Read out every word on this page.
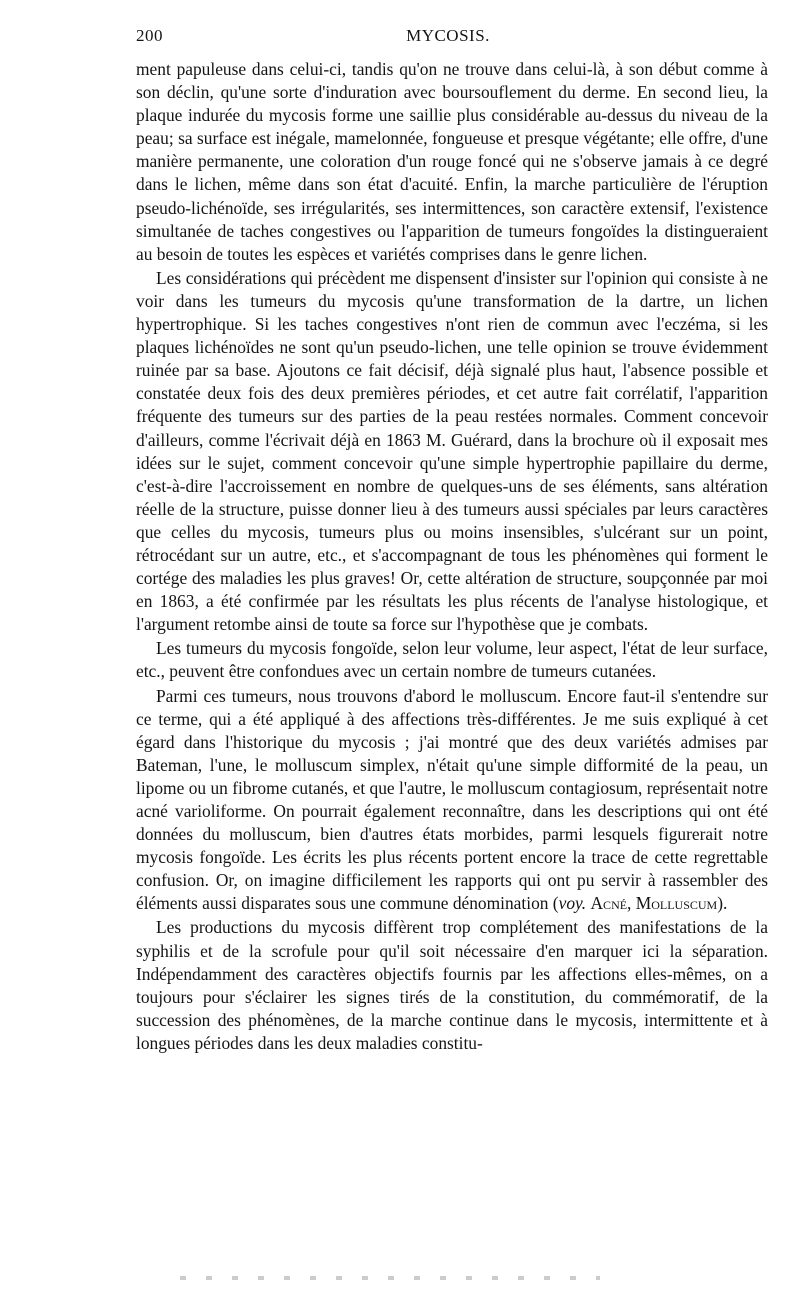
200	MYCOSIS.

ment papuleuse dans celui-ci, tandis qu'on ne trouve dans celui-là, à son début comme à son déclin, qu'une sorte d'induration avec boursouflement du derme. En second lieu, la plaque indurée du mycosis forme une saillie plus considérable au-dessus du niveau de la peau; sa surface est inégale, mamelonnée, fongueuse et presque végétante; elle offre, d'une manière permanente, une coloration d'un rouge foncé qui ne s'observe jamais à ce degré dans le lichen, même dans son état d'acuité. Enfin, la marche particulière de l'éruption pseudo-lichénoïde, ses irrégularités, ses intermittences, son caractère extensif, l'existence simultanée de taches congestives ou l'apparition de tumeurs fongoïdes la distingueraient au besoin de toutes les espèces et variétés comprises dans le genre lichen.

Les considérations qui précèdent me dispensent d'insister sur l'opinion qui consiste à ne voir dans les tumeurs du mycosis qu'une transformation de la dartre, un lichen hypertrophique. Si les taches congestives n'ont rien de commun avec l'eczéma, si les plaques lichénoïdes ne sont qu'un pseudo-lichen, une telle opinion se trouve évidemment ruinée par sa base. Ajoutons ce fait décisif, déjà signalé plus haut, l'absence possible et constatée deux fois des deux premières périodes, et cet autre fait corrélatif, l'apparition fréquente des tumeurs sur des parties de la peau restées normales. Comment concevoir d'ailleurs, comme l'écrivait déjà en 1863 M. Guérard, dans la brochure où il exposait mes idées sur le sujet, comment concevoir qu'une simple hypertrophie papillaire du derme, c'est-à-dire l'accroissement en nombre de quelques-uns de ses éléments, sans altération réelle de la structure, puisse donner lieu à des tumeurs aussi spéciales par leurs caractères que celles du mycosis, tumeurs plus ou moins insensibles, s'ulcérant sur un point, rétrocédant sur un autre, etc., et s'accompagnant de tous les phénomènes qui forment le cortége des maladies les plus graves! Or, cette altération de structure, soupçonnée par moi en 1863, a été confirmée par les résultats les plus récents de l'analyse histologique, et l'argument retombe ainsi de toute sa force sur l'hypothèse que je combats.

Les tumeurs du mycosis fongoïde, selon leur volume, leur aspect, l'état de leur surface, etc., peuvent être confondues avec un certain nombre de tumeurs cutanées.

Parmi ces tumeurs, nous trouvons d'abord le molluscum. Encore faut-il s'entendre sur ce terme, qui a été appliqué à des affections très-différentes. Je me suis expliqué à cet égard dans l'historique du mycosis ; j'ai montré que des deux variétés admises par Bateman, l'une, le molluscum simplex, n'était qu'une simple difformité de la peau, un lipome ou un fibrome cutanés, et que l'autre, le molluscum contagiosum, représentait notre acné varioliforme. On pourrait également reconnaître, dans les descriptions qui ont été données du molluscum, bien d'autres états morbides, parmi lesquels figurerait notre mycosis fongoïde. Les écrits les plus récents portent encore la trace de cette regrettable confusion. Or, on imagine difficilement les rapports qui ont pu servir à rassembler des éléments aussi disparates sous une commune dénomination (voy. Acné, Molluscum).

Les productions du mycosis diffèrent trop complétement des manifestations de la syphilis et de la scrofule pour qu'il soit nécessaire d'en marquer ici la séparation. Indépendamment des caractères objectifs fournis par les affections elles-mêmes, on a toujours pour s'éclairer les signes tirés de la constitution, du commémoratif, de la succession des phénomènes, de la marche continue dans le mycosis, intermittente et à longues périodes dans les deux maladies constitu-
